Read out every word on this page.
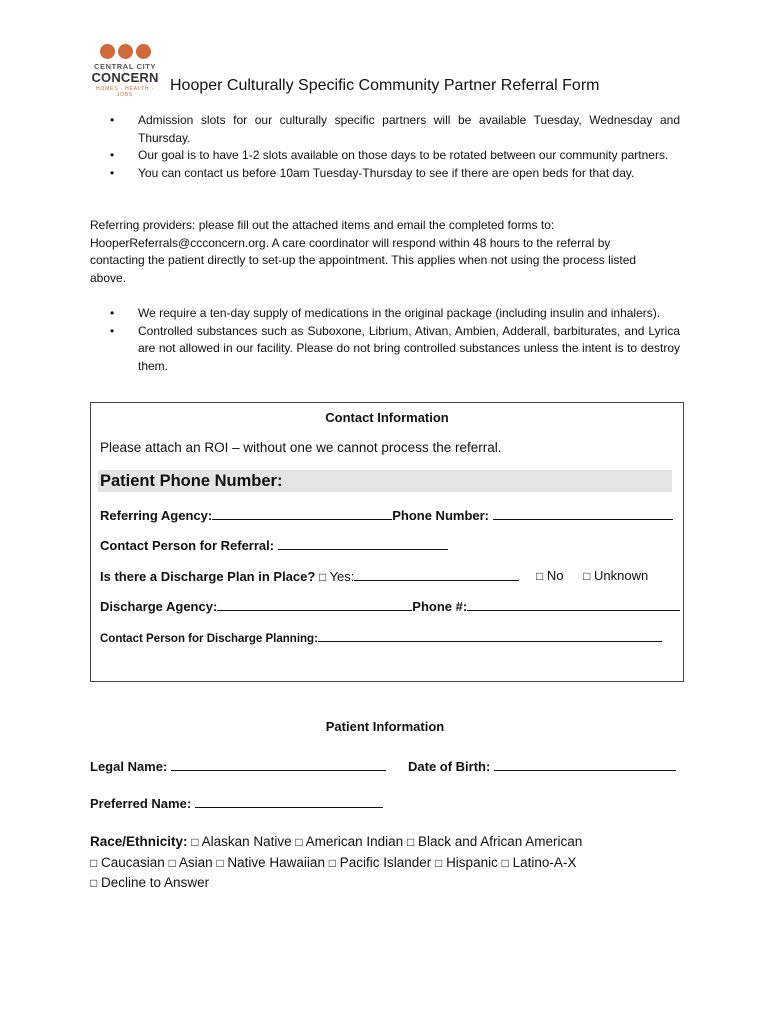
CENTRAL CITY
CONCERN
HOMES · HEALTH · JOBS
Hooper Culturally Specific Community Partner Referral Form
• Admission slots for our culturally specific partners will be available Tuesday, Wednesday and Thursday.
• Our goal is to have 1-2 slots available on those days to be rotated between our community partners.
• You can contact us before 10am Tuesday-Thursday to see if there are open beds for that day.
Referring providers: please fill out the attached items and email the completed forms to: HooperReferrals@ccconcern.org. A care coordinator will respond within 48 hours to the referral by contacting the patient directly to set-up the appointment. This applies when not using the process listed above.
• We require a ten-day supply of medications in the original package (including insulin and inhalers).
• Controlled substances such as Suboxone, Librium, Ativan, Ambien, Adderall, barbiturates, and Lyrica are not allowed in our facility. Please do not bring controlled substances unless the intent is to destroy them.
Contact Information
Please attach an ROI – without one we cannot process the referral.
Patient Phone Number:
Referring Agency:	Phone Number:
Contact Person for Referral:
Is there a Discharge Plan in Place? □ Yes:	□ No □ Unknown
Discharge Agency:	Phone #:
Contact Person for Discharge Planning:
Patient Information
Legal Name:	Date of Birth:
Preferred Name:
Race/Ethnicity: □ Alaskan Native □ American Indian □ Black and African American
□ Caucasian □ Asian □ Native Hawaiian □ Pacific Islander □ Hispanic □ Latino-A-X
□ Decline to Answer
